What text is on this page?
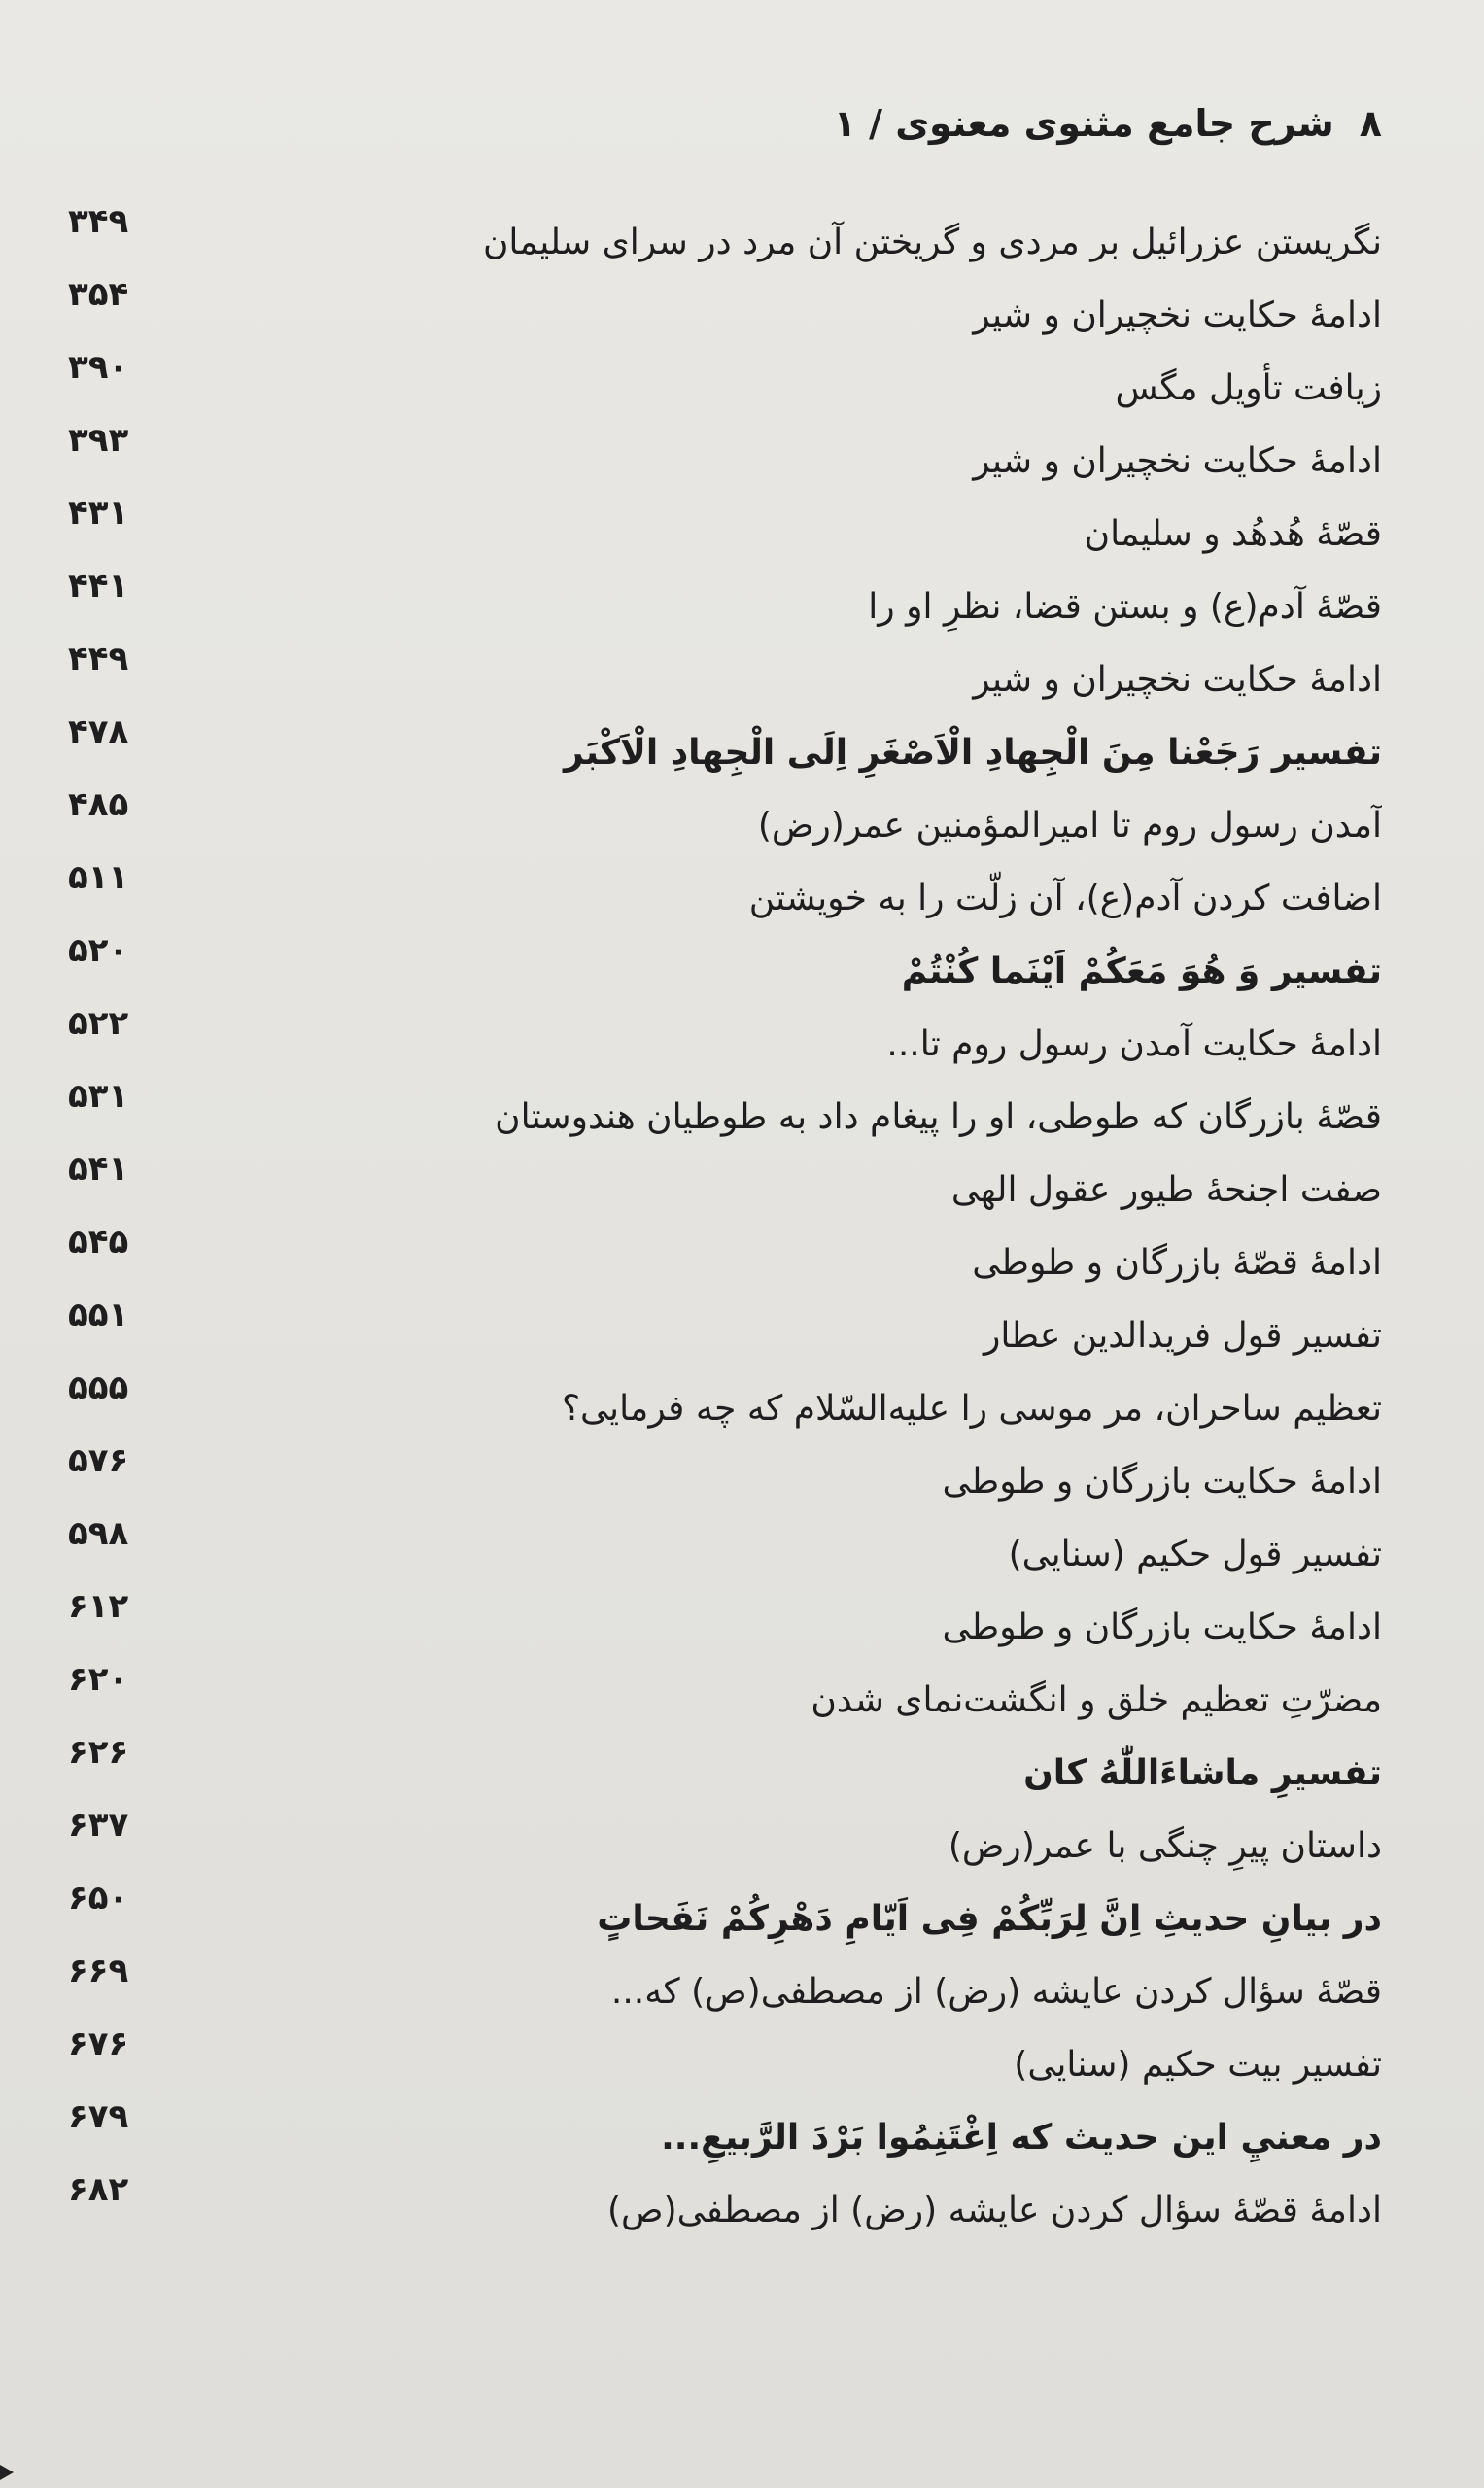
۸شرح جامع مثنوی معنوی / ۱
نگریستن عزرائیل بر مردی و گریختن آن مرد در سرای سلیمان
۳۴۹
ادامهٔ حکایت نخچیران و شیر
۳۵۴
زیافت تأویل مگس
۳۹۰
ادامهٔ حکایت نخچیران و شیر
۳۹۳
قصّهٔ هُدهُد و سلیمان
۴۳۱
قصّهٔ آدم(ع) و بستن قضا، نظرِ او را
۴۴۱
ادامهٔ حکایت نخچیران و شیر
۴۴۹
تفسیر رَجَعْنا مِنَ الْجِهادِ الْاَصْغَرِ اِلَی الْجِهادِ الْاَکْبَر
۴۷۸
آمدن رسول روم تا امیرالمؤمنین عمر(رض)
۴۸۵
اضافت کردن آدم(ع)، آن زلّت را به خویشتن
۵۱۱
تفسیر وَ هُوَ مَعَکُمْ اَیْنَما کُنْتُمْ
۵۲۰
ادامهٔ حکایت آمدن رسول روم تا...
۵۲۲
قصّهٔ بازرگان که طوطی، او را پیغام داد به طوطیان هندوستان
۵۳۱
صفت اجنحهٔ طیور عقول الهی
۵۴۱
ادامهٔ قصّهٔ بازرگان و طوطی
۵۴۵
تفسیر قول فریدالدین عطار
۵۵۱
تعظیم ساحران، مر موسی را علیه‌السّلام که چه فرمایی؟
۵۵۵
ادامهٔ حکایت بازرگان و طوطی
۵۷۶
تفسیر قول حکیم (سنایی)
۵۹۸
ادامهٔ حکایت بازرگان و طوطی
۶۱۲
مضرّتِ تعظیم خلق و انگشت‌نمای شدن
۶۲۰
تفسیرِ ماشاءَاللّٰهُ کان
۶۲۶
داستان پیرِ چنگی با عمر(رض)
۶۳۷
در بیانِ حدیثِ اِنَّ لِرَبِّکُمْ فِی اَیّامِ دَهْرِکُمْ نَفَحاتٍ
۶۵۰
قصّهٔ سؤال کردن عایشه (رض) از مصطفی(ص) که...
۶۶۹
تفسیر بیت حکیم (سنایی)
۶۷۶
در معنيِ این حدیث که اِغْتَنِمُوا بَرْدَ الرَّبیعِ...
۶۷۹
ادامهٔ قصّهٔ سؤال کردن عایشه (رض) از مصطفی(ص)
۶۸۲
